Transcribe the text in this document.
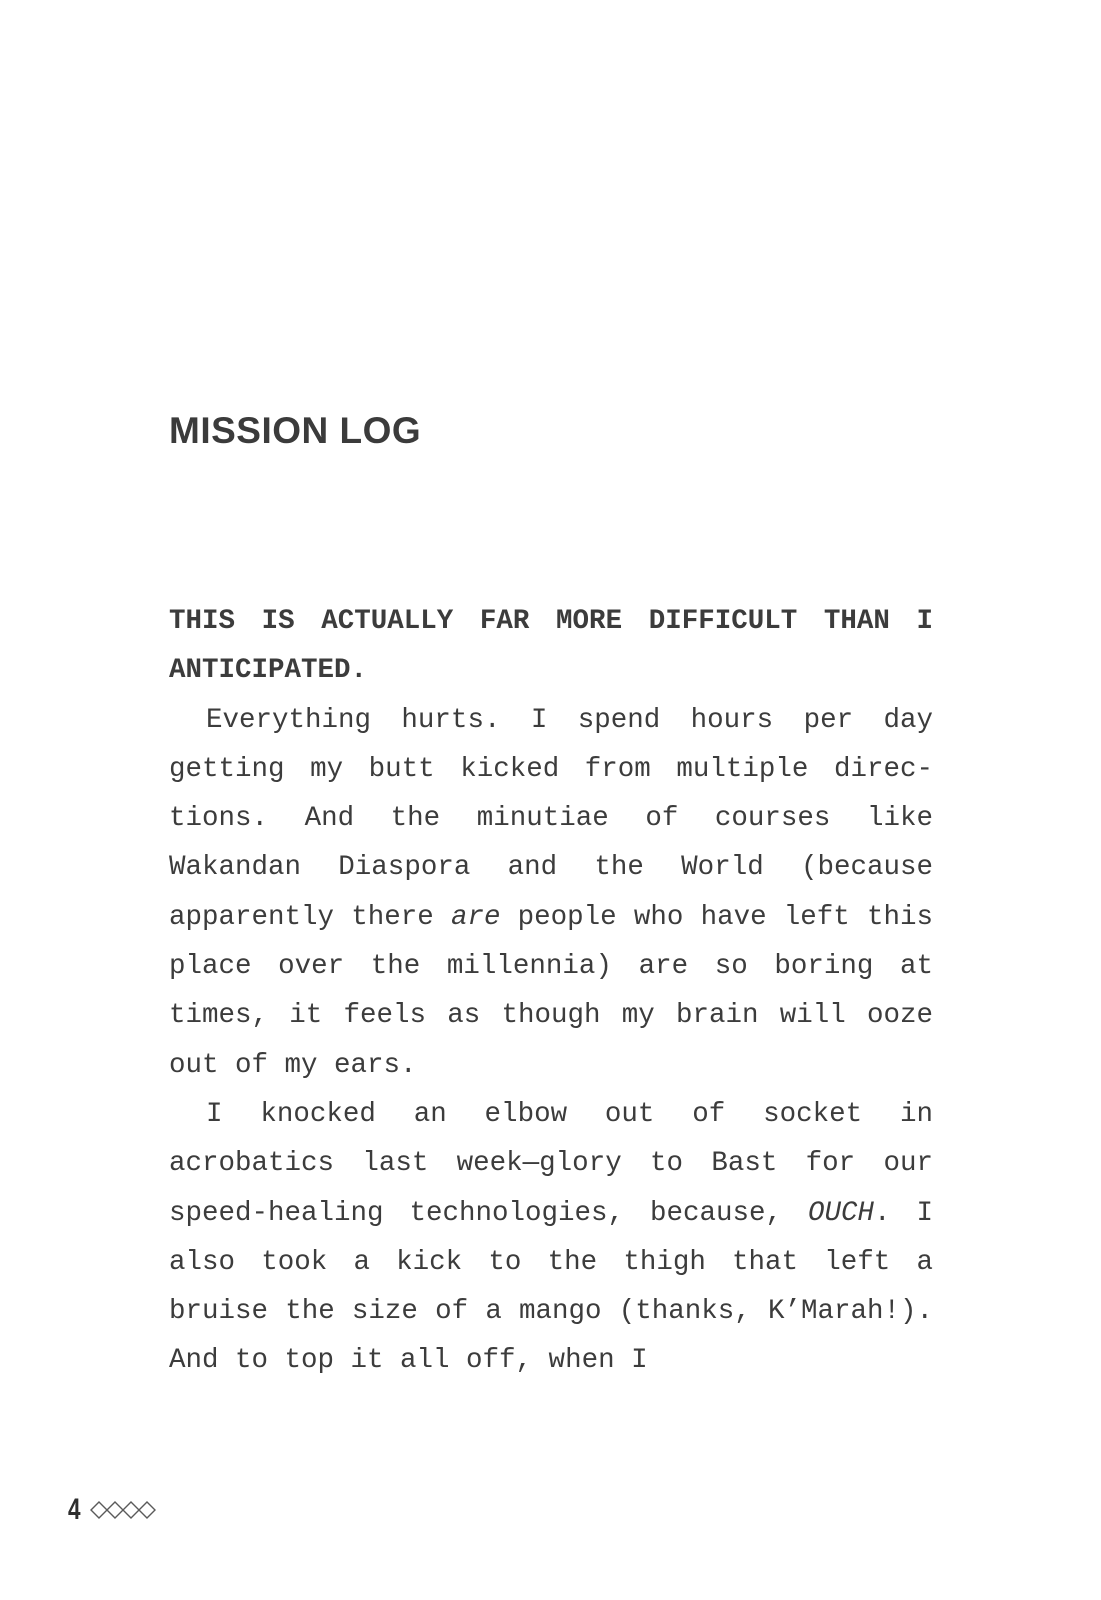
MISSION LOG

THIS IS ACTUALLY FAR MORE DIFFICULT THAN I ANTICIPATED.

Everything hurts. I spend hours per day getting my butt kicked from multiple directions. And the minutiae of courses like Wakandan Diaspora and the World (because apparently there are people who have left this place over the millennia) are so boring at times, it feels as though my brain will ooze out of my ears.

I knocked an elbow out of socket in acrobatics last week—glory to Bast for our speed-healing technologies, because, OUCH. I also took a kick to the thigh that left a bruise the size of a mango (thanks, K’Marah!). And to top it all off, when I

4
